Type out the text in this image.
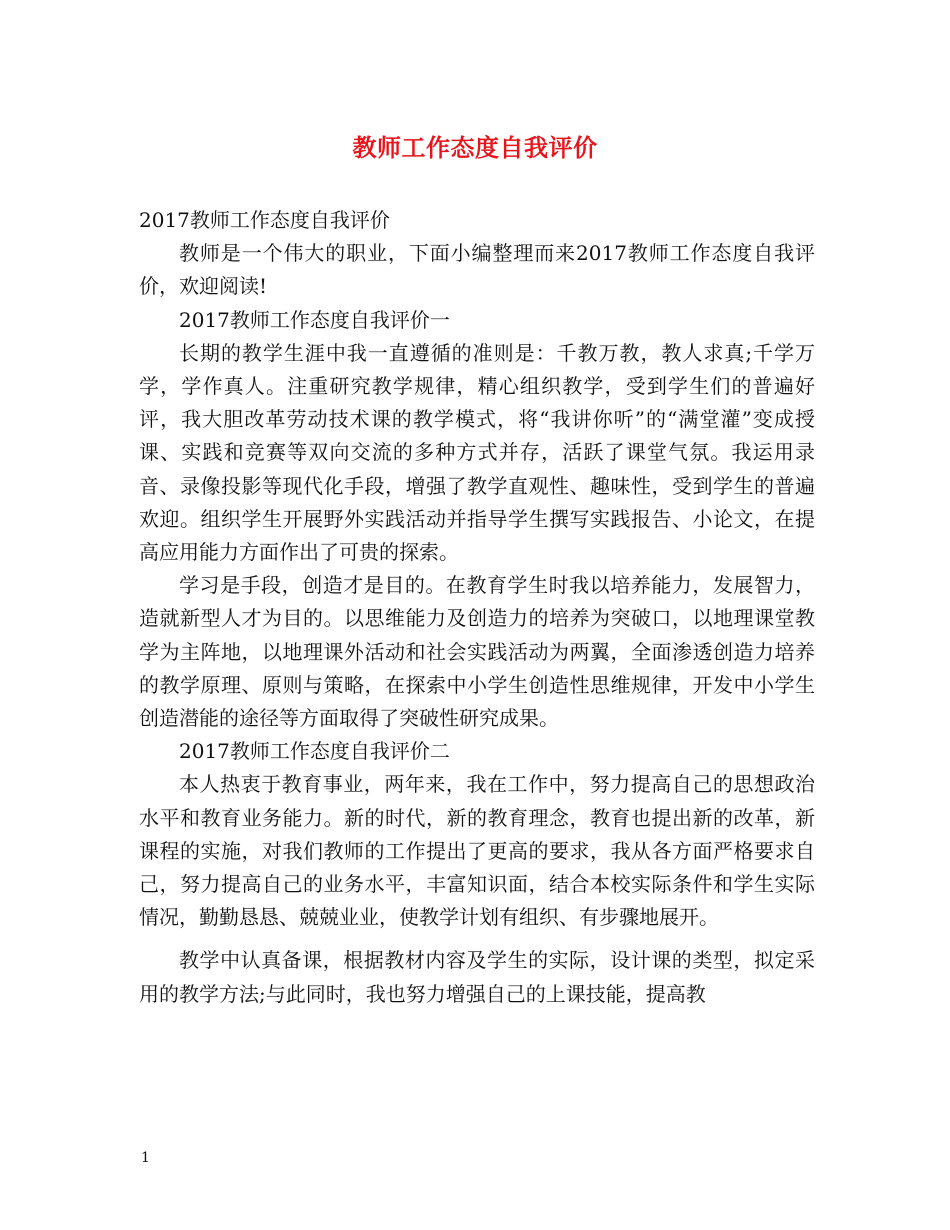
教师工作态度自我评价

2017教师工作态度自我评价

教师是一个伟大的职业，下面小编整理而来2017教师工作态度自我评价，欢迎阅读!

2017教师工作态度自我评价一

长期的教学生涯中我一直遵循的准则是：千教万教，教人求真;千学万学，学作真人。注重研究教学规律，精心组织教学，受到学生们的普遍好评，我大胆改革劳动技术课的教学模式，将“我讲你听”的“满堂灌”变成授课、实践和竞赛等双向交流的多种方式并存，活跃了课堂气氛。我运用录音、录像投影等现代化手段，增强了教学直观性、趣味性，受到学生的普遍欢迎。组织学生开展野外实践活动并指导学生撰写实践报告、小论文，在提高应用能力方面作出了可贵的探索。

学习是手段，创造才是目的。在教育学生时我以培养能力，发展智力，造就新型人才为目的。以思维能力及创造力的培养为突破口，以地理课堂教学为主阵地，以地理课外活动和社会实践活动为两翼，全面渗透创造力培养的教学原理、原则与策略，在探索中小学生创造性思维规律，开发中小学生创造潜能的途径等方面取得了突破性研究成果。

2017教师工作态度自我评价二

本人热衷于教育事业，两年来，我在工作中，努力提高自己的思想政治水平和教育业务能力。新的时代，新的教育理念，教育也提出新的改革，新课程的实施，对我们教师的工作提出了更高的要求，我从各方面严格要求自己，努力提高自己的业务水平，丰富知识面，结合本校实际条件和学生实际情况，勤勤恳恳、兢兢业业，使教学计划有组织、有步骤地展开。

教学中认真备课，根据教材内容及学生的实际，设计课的类型，拟定采用的教学方法;与此同时，我也努力增强自己的上课技能，提高教

1
